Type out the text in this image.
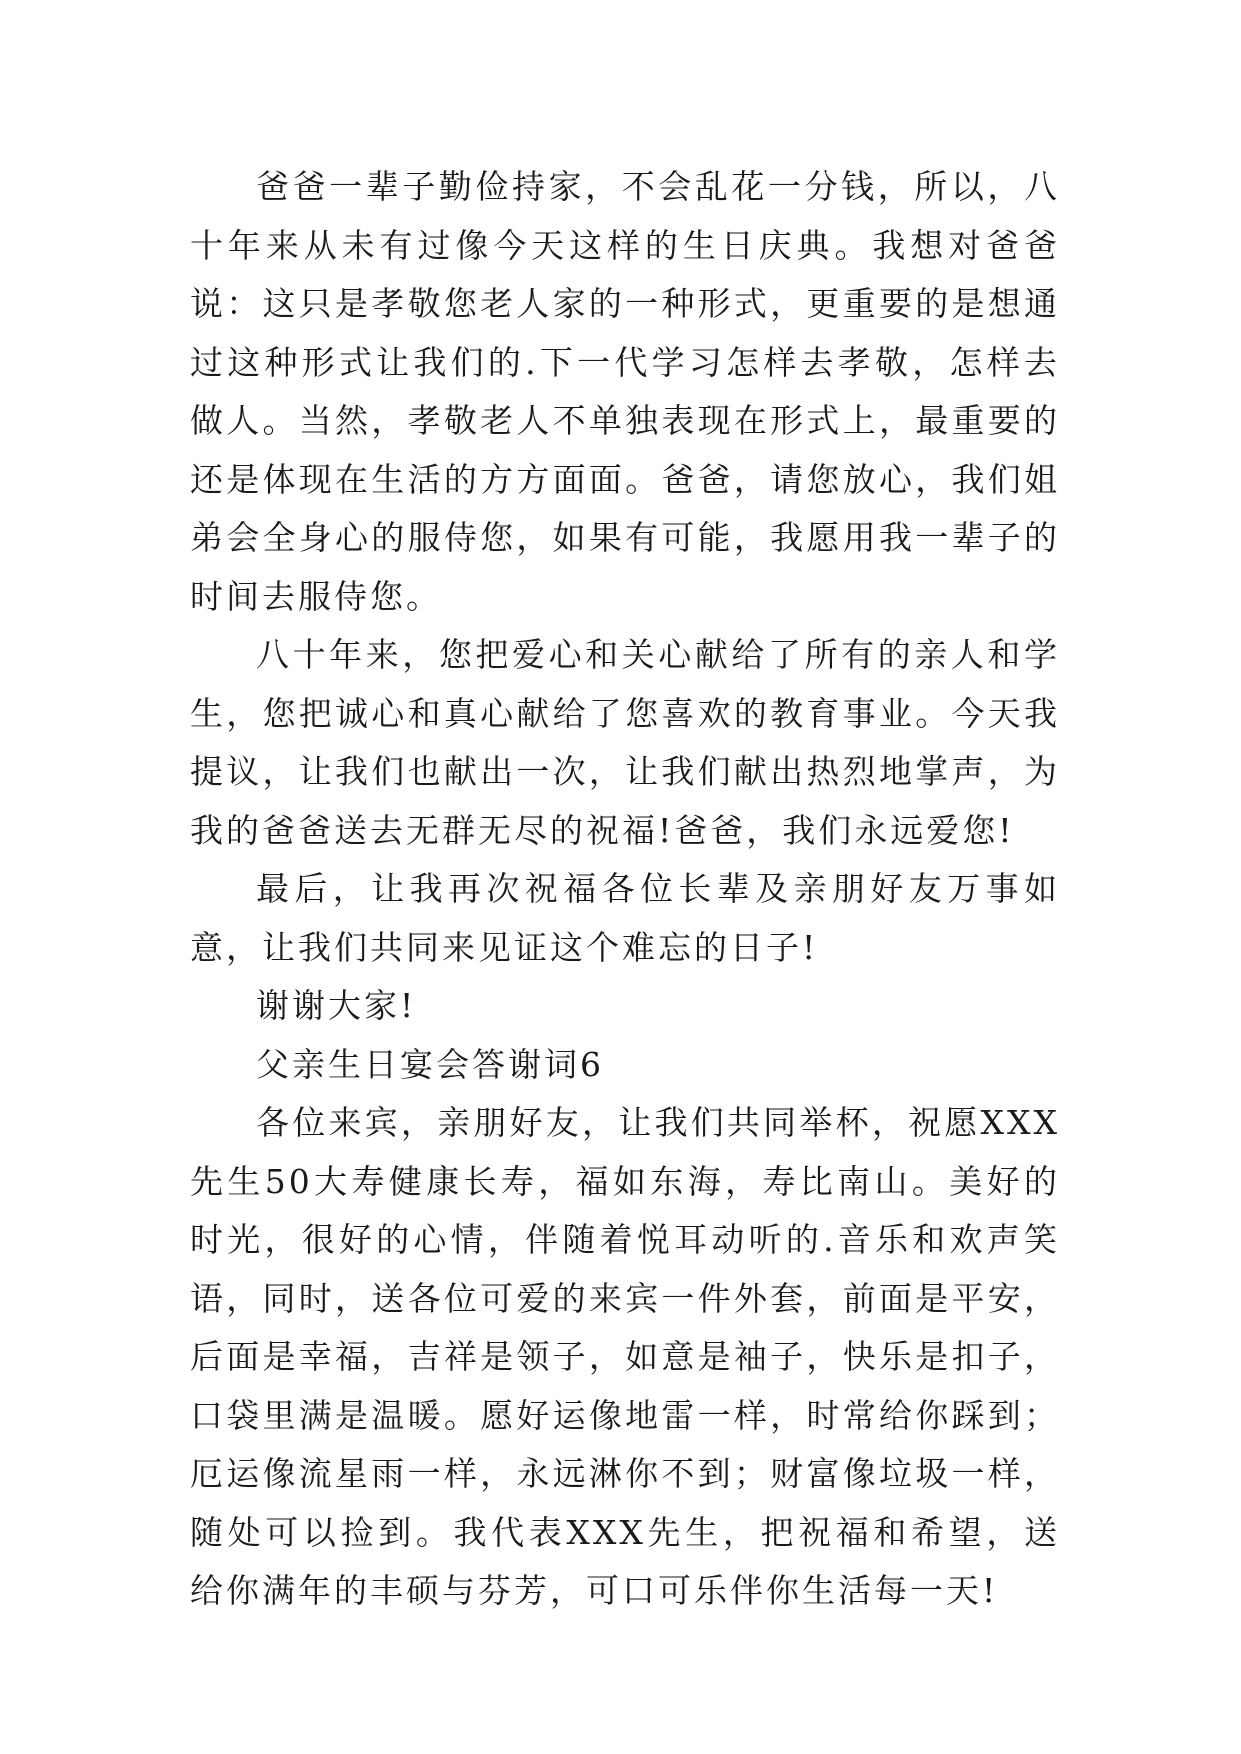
爸爸一辈子勤俭持家，不会乱花一分钱，所以，八十年来从未有过像今天这样的生日庆典。我想对爸爸说：这只是孝敬您老人家的一种形式，更重要的是想通过这种形式让我们的.下一代学习怎样去孝敬，怎样去做人。当然，孝敬老人不单独表现在形式上，最重要的还是体现在生活的方方面面。爸爸，请您放心，我们姐弟会全身心的服侍您，如果有可能，我愿用我一辈子的时间去服侍您。

八十年来，您把爱心和关心献给了所有的亲人和学生，您把诚心和真心献给了您喜欢的教育事业。今天我提议，让我们也献出一次，让我们献出热烈地掌声，为我的爸爸送去无群无尽的祝福!爸爸，我们永远爱您!

最后，让我再次祝福各位长辈及亲朋好友万事如意，让我们共同来见证这个难忘的日子!

谢谢大家!

父亲生日宴会答谢词6

各位来宾，亲朋好友，让我们共同举杯，祝愿XXX先生50大寿健康长寿，福如东海，寿比南山。美好的时光，很好的心情，伴随着悦耳动听的.音乐和欢声笑语，同时，送各位可爱的来宾一件外套，前面是平安，后面是幸福，吉祥是领子，如意是袖子，快乐是扣子，口袋里满是温暖。愿好运像地雷一样，时常给你踩到；厄运像流星雨一样，永远淋你不到；财富像垃圾一样，随处可以捡到。我代表XXX先生，把祝福和希望，送给你满年的丰硕与芬芳，可口可乐伴你生活每一天!
